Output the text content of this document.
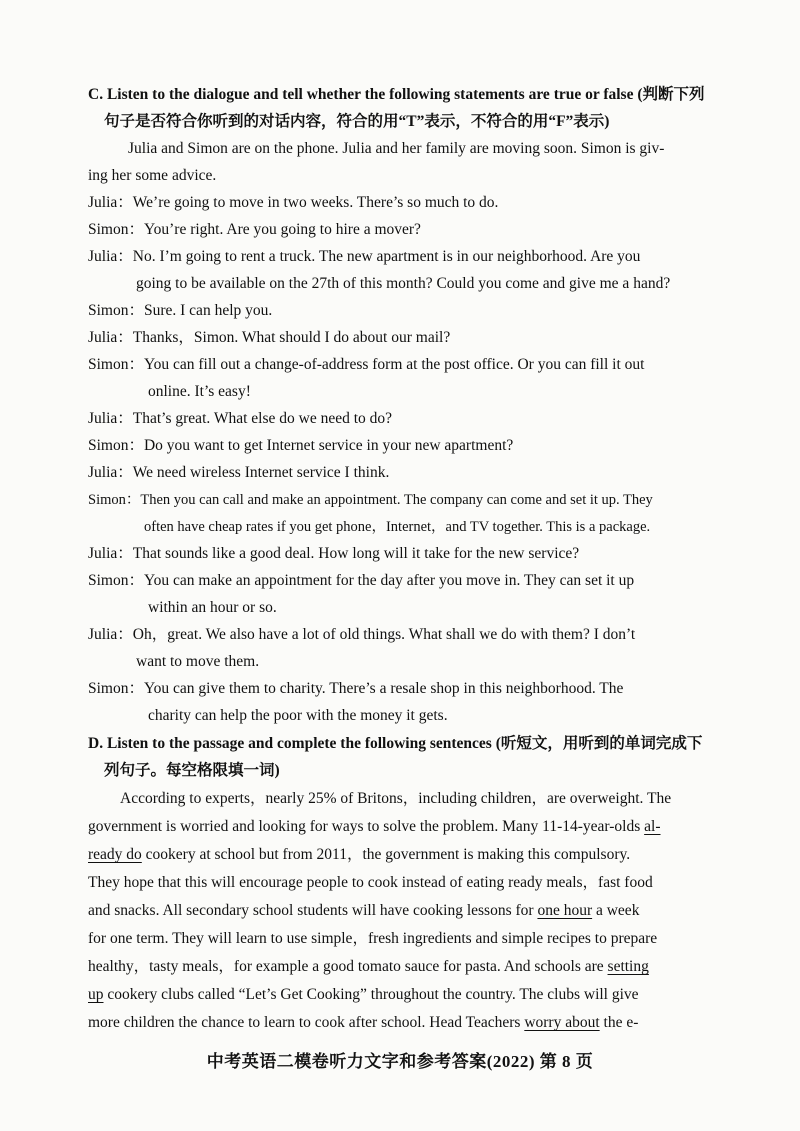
C. Listen to the dialogue and tell whether the following statements are true or false (判断下列
句子是否符合你听到的对话内容，符合的用“T”表示，不符合的用“F”表示)
Julia and Simon are on the phone. Julia and her family are moving soon. Simon is giv-
ing her some advice.
Julia：We’re going to move in two weeks. There’s so much to do.
Simon：You’re right. Are you going to hire a mover?
Julia：No. I’m going to rent a truck. The new apartment is in our neighborhood. Are you
going to be available on the 27th of this month? Could you come and give me a hand?
Simon：Sure. I can help you.
Julia：Thanks，Simon. What should I do about our mail?
Simon：You can fill out a change-of-address form at the post office. Or you can fill it out
online. It’s easy!
Julia：That’s great. What else do we need to do?
Simon：Do you want to get Internet service in your new apartment?
Julia：We need wireless Internet service I think.
Simon：Then you can call and make an appointment. The company can come and set it up. They
often have cheap rates if you get phone，Internet，and TV together. This is a package.
Julia：That sounds like a good deal. How long will it take for the new service?
Simon：You can make an appointment for the day after you move in. They can set it up
within an hour or so.
Julia：Oh，great. We also have a lot of old things. What shall we do with them? I don’t
want to move them.
Simon：You can give them to charity. There’s a resale shop in this neighborhood. The
charity can help the poor with the money it gets.
D. Listen to the passage and complete the following sentences (听短文，用听到的单词完成下
列句子。每空格限填一词)
According to experts，nearly 25% of Britons，including children，are overweight. The
government is worried and looking for ways to solve the problem. Many 11-14-year-olds al-
ready do cookery at school but from 2011，the government is making this compulsory.
They hope that this will encourage people to cook instead of eating ready meals，fast food
and snacks. All secondary school students will have cooking lessons for one hour a week
for one term. They will learn to use simple，fresh ingredients and simple recipes to prepare
healthy，tasty meals，for example a good tomato sauce for pasta. And schools are setting
up cookery clubs called “Let’s Get Cooking” throughout the country. The clubs will give
more children the chance to learn to cook after school. Head Teachers worry about the e-
中考英语二模卷听力文字和参考答案(2022) 第 8 页
